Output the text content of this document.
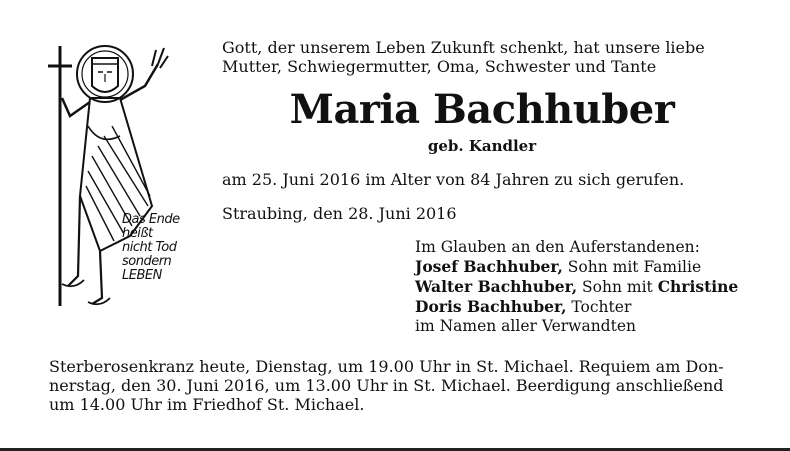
Das Ende
heißt
nicht Tod
sondern
LEBEN
Gott, der unserem Leben Zukunft schenkt, hat unsere liebe
Mutter, Schwiegermutter, Oma, Schwester und Tante
Maria Bachhuber
geb. Kandler
am 25. Juni 2016 im Alter von 84 Jahren zu sich gerufen.
Straubing, den 28. Juni 2016
Im Glauben an den Auferstandenen:
Josef Bachhuber, Sohn mit Familie
Walter Bachhuber, Sohn mit Christine
Doris Bachhuber, Tochter
im Namen aller Verwandten
Sterberosenkranz heute, Dienstag, um 19.00 Uhr in St. Michael. Requiem am Don-
nerstag, den 30. Juni 2016, um 13.00 Uhr in St. Michael. Beerdigung anschließend
um 14.00 Uhr im Friedhof St. Michael.
